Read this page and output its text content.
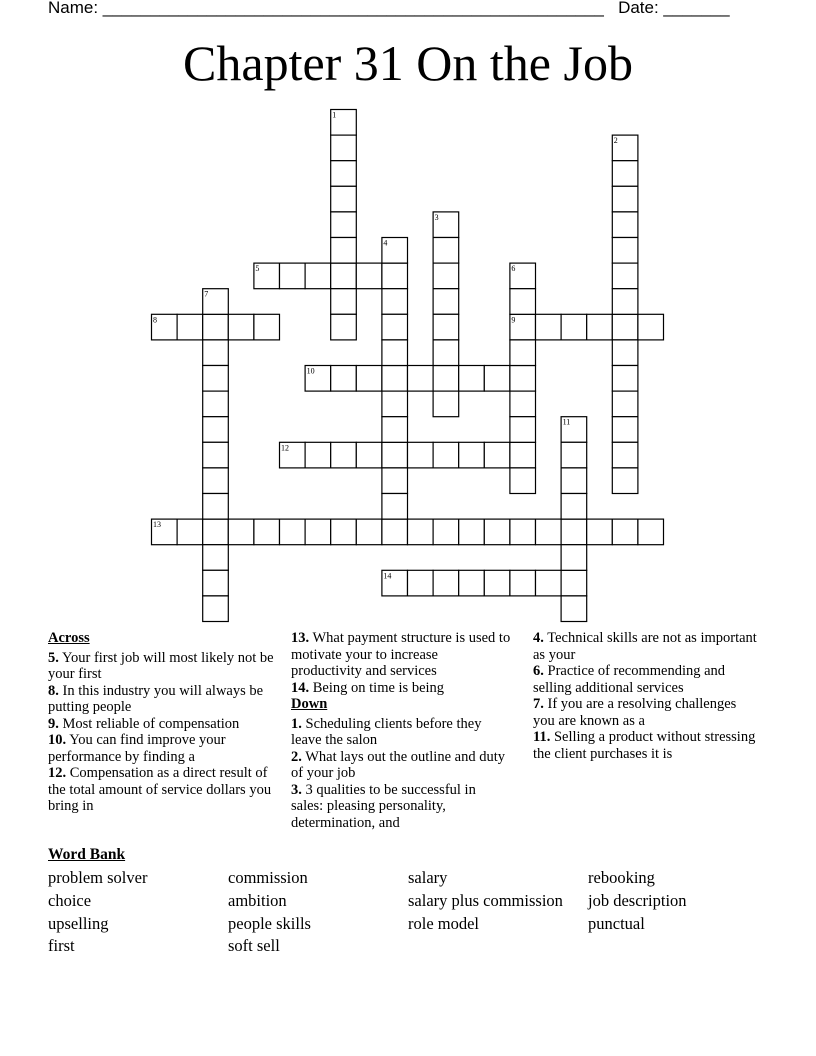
Name: _____________________________________________________ Date: _______
Chapter 31 On the Job
5
8	9
10
12
13
14
1
2
3
4
6
7
11
Across
5. Your first job will most likely not be your first
8. In this industry you will always be putting people
9. Most reliable of compensation
10. You can find improve your performance by finding a
12. Compensation as a direct result of the total amount of service dollars you bring in
13. What payment structure is used to motivate your to increase productivity and services
14. Being on time is being
Down
1. Scheduling clients before they leave the salon
2. What lays out the outline and duty of your job
3. 3 qualities to be successful in sales: pleasing personality, determination, and
4. Technical skills are not as important as your
6. Practice of recommending and selling additional services
7. If you are a resolving challenges you are known as a
11. Selling a product without stressing the client purchases it is
Word Bank
problem solver
choice
upselling
first
commission
ambition
people skills
soft sell
salary
salary plus commission
role model
rebooking
job description
punctual
